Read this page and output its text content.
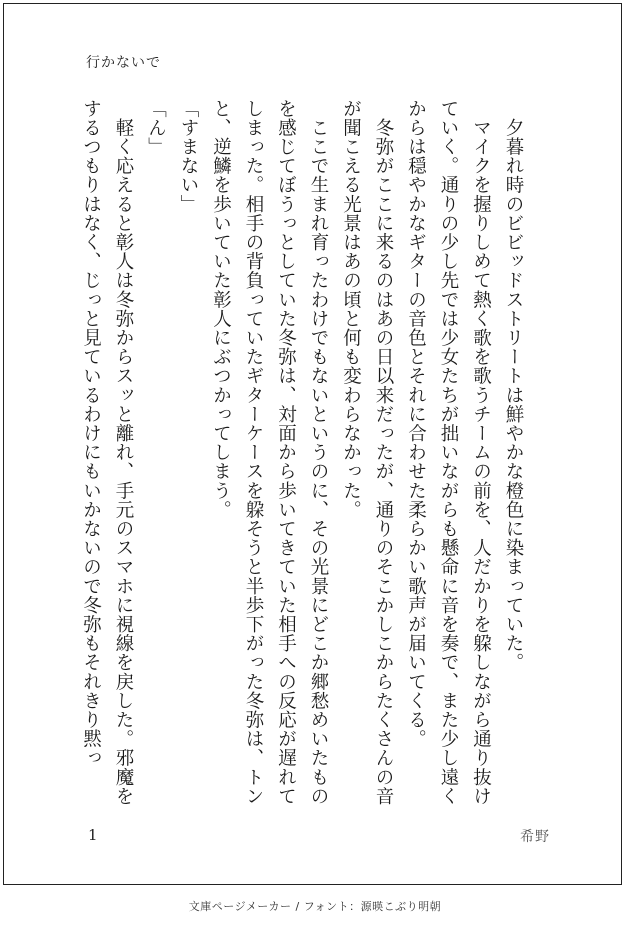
行かないで

　夕暮れ時のビビッドストリートは鮮やかな橙色に染まっていた。

　マイクを握りしめて熱く歌を歌うチームの前を、人だかりを躱しながら通り抜けていく。通りの少し先では少女たちが拙いながらも懸命に音を奏で、また少し遠くからは穏やかなギターの音色とそれに合わせた柔らかい歌声が届いてくる。

　冬弥がここに来るのはあの日以来だったが、通りのそこかしこからたくさんの音が聞こえる光景はあの頃と何も変わらなかった。

　ここで生まれ育ったわけでもないというのに、その光景にどこか郷愁めいたものを感じてぼうっとしていた冬弥は、対面から歩いてきていた相手への反応が遅れてしまった。相手の背負っていたギターケースを躱そうと半歩下がった冬弥は、トンと、逆鱗を歩いていた彰人にぶつかってしまう。

「すまない」

「ん」

　軽く応えると彰人は冬弥からスッと離れ、手元のスマホに視線を戻した。邪魔をするつもりはなく、じっと見ているわけにもいかないので冬弥もそれきり黙っ

1	希野
文庫ページメーカー / フォント：源暎こぶり明朝
